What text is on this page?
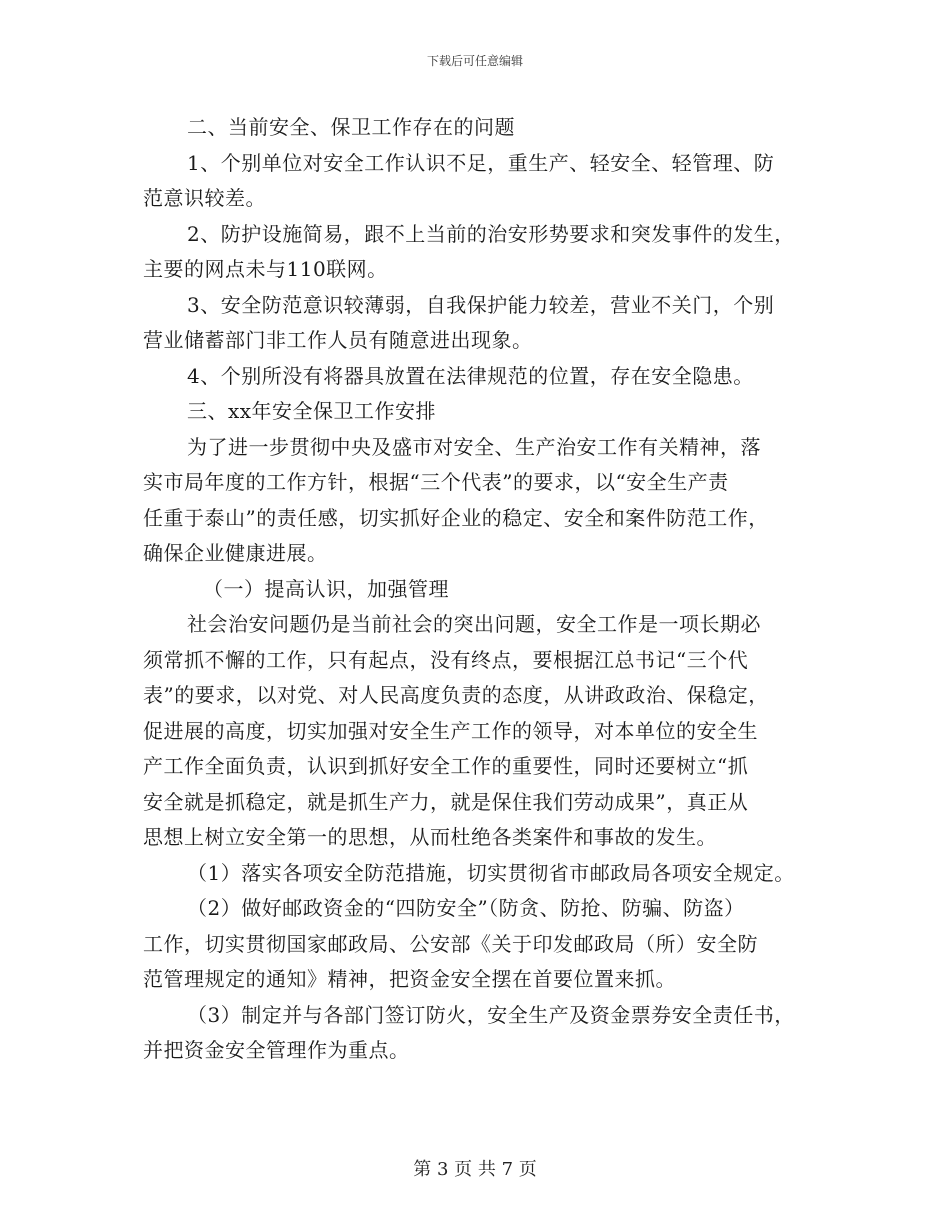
下载后可任意编辑
二、当前安全、保卫工作存在的问题
1、个别单位对安全工作认识不足，重生产、轻安全、轻管理、防
范意识较差。
2、防护设施简易，跟不上当前的治安形势要求和突发事件的发生，
主要的网点未与110联网。
3、安全防范意识较薄弱，自我保护能力较差，营业不关门，个别
营业储蓄部门非工作人员有随意进出现象。
4、个别所没有将器具放置在法律规范的位置，存在安全隐患。
三、xx年安全保卫工作安排
为了进一步贯彻中央及盛市对安全、生产治安工作有关精神，落
实市局年度的工作方针，根据“三个代表”的要求，以“安全生产责
任重于泰山”的责任感，切实抓好企业的稳定、安全和案件防范工作，
确保企业健康进展。
（一）提高认识，加强管理
社会治安问题仍是当前社会的突出问题，安全工作是一项长期必
须常抓不懈的工作，只有起点，没有终点，要根据江总书记“三个代
表”的要求，以对党、对人民高度负责的态度，从讲政政治、保稳定，
促进展的高度，切实加强对安全生产工作的领导，对本单位的安全生
产工作全面负责，认识到抓好安全工作的重要性，同时还要树立“抓
安全就是抓稳定，就是抓生产力，就是保住我们劳动成果”，真正从
思想上树立安全第一的思想，从而杜绝各类案件和事故的发生。
（1）落实各项安全防范措施，切实贯彻省市邮政局各项安全规定。
（2）做好邮政资金的“四防安全”（防贪、防抢、防骗、防盗）
工作，切实贯彻国家邮政局、公安部《关于印发邮政局（所）安全防
范管理规定的通知》精神，把资金安全摆在首要位置来抓。
（3）制定并与各部门签订防火，安全生产及资金票券安全责任书，
并把资金安全管理作为重点。
第 3 页 共 7 页
